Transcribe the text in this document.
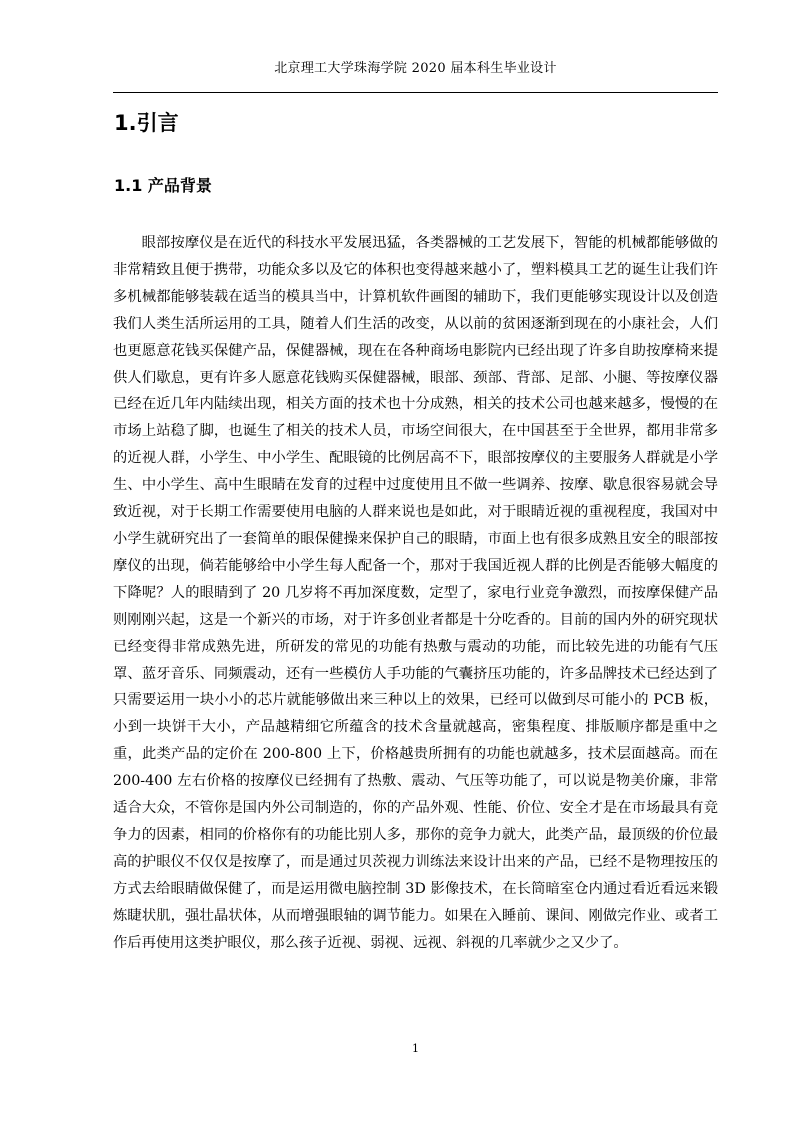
北京理工大学珠海学院 2020 届本科生毕业设计
1.引言
1.1 产品背景

眼部按摩仪是在近代的科技水平发展迅猛，各类器械的工艺发展下，智能的机械都能够做的非常精致且便于携带，功能众多以及它的体积也变得越来越小了，塑料模具工艺的诞生让我们许多机械都能够装载在适当的模具当中，计算机软件画图的辅助下，我们更能够实现设计以及创造我们人类生活所运用的工具，随着人们生活的改变，从以前的贫困逐渐到现在的小康社会，人们也更愿意花钱买保健产品，保健器械，现在在各种商场电影院内已经出现了许多自助按摩椅来提供人们歇息，更有许多人愿意花钱购买保健器械，眼部、颈部、背部、足部、小腿、等按摩仪器已经在近几年内陆续出现，相关方面的技术也十分成熟，相关的技术公司也越来越多，慢慢的在市场上站稳了脚，也诞生了相关的技术人员，市场空间很大，在中国甚至于全世界，都用非常多的近视人群，小学生、中小学生、配眼镜的比例居高不下，眼部按摩仪的主要服务人群就是小学生、中小学生、高中生眼睛在发育的过程中过度使用且不做一些调养、按摩、歇息很容易就会导致近视，对于长期工作需要使用电脑的人群来说也是如此，对于眼睛近视的重视程度，我国对中小学生就研究出了一套简单的眼保健操来保护自己的眼睛，市面上也有很多成熟且安全的眼部按摩仪的出现，倘若能够给中小学生每人配备一个，那对于我国近视人群的比例是否能够大幅度的下降呢？人的眼睛到了 20 几岁将不再加深度数，定型了，家电行业竞争激烈，而按摩保健产品则刚刚兴起，这是一个新兴的市场，对于许多创业者都是十分吃香的。目前的国内外的研究现状已经变得非常成熟先进，所研发的常见的功能有热敷与震动的功能，而比较先进的功能有气压罩、蓝牙音乐、同频震动，还有一些模仿人手功能的气囊挤压功能的，许多品牌技术已经达到了只需要运用一块小小的芯片就能够做出来三种以上的效果，已经可以做到尽可能小的 PCB 板，小到一块饼干大小，产品越精细它所蕴含的技术含量就越高，密集程度、排版顺序都是重中之重，此类产品的定价在 200-800 上下，价格越贵所拥有的功能也就越多，技术层面越高。而在 200-400 左右价格的按摩仪已经拥有了热敷、震动、气压等功能了，可以说是物美价廉，非常适合大众，不管你是国内外公司制造的，你的产品外观、性能、价位、安全才是在市场最具有竞争力的因素，相同的价格你有的功能比别人多，那你的竞争力就大，此类产品，最顶级的价位最高的护眼仪不仅仅是按摩了，而是通过贝茨视力训练法来设计出来的产品，已经不是物理按压的方式去给眼睛做保健了，而是运用微电脑控制 3D 影像技术，在长筒暗室仓内通过看近看远来锻炼睫状肌，强壮晶状体，从而增强眼轴的调节能力。如果在入睡前、课间、刚做完作业、或者工作后再使用这类护眼仪，那么孩子近视、弱视、远视、斜视的几率就少之又少了。

1
